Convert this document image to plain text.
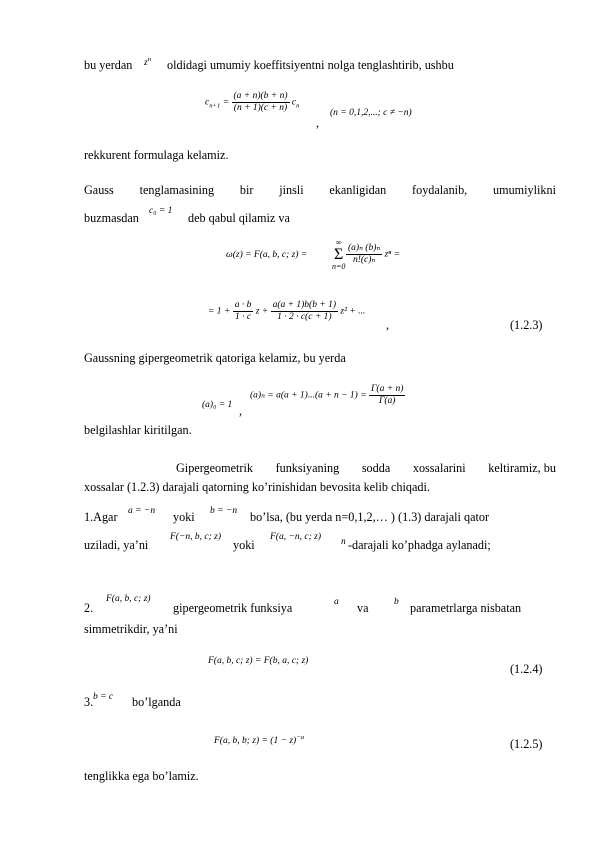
bu yerdan $z^n$ oldidagi umumiy koeffitsiyentni nolga tenglashtirib, ushbu
$c_{n+1} = \frac{(a + n)(b + n)}{(n + 1)(c + n)} c_n$
,
(n = 0,1,2,...; c ≠ −n)
rekkurent formulaga kelamiz.
Gauss tenglamasining bir jinsli ekanligidan foydalanib, umumiylikni
buzmasdan c₀ = 1 deb qabul qilamiz va
ω(z) = F(a, b, c; z) =
∞
Σ
n=0
$\frac{\text{(a)ₙ (b)ₙ}}{\text{n!(c)ₙ}}$ zⁿ =
= $1 + \frac{a \cdot b}{1 \cdot c}$ $z + \frac{a(a + 1)b(b + 1)}{1 \cdot 2 \cdot c(c + 1)} z^2$ + ...
,	(1.2.3)
Gaussning gipergeometrik qatoriga kelamiz, bu yerda
(a)₀ = 1 ,
$(a)_n = a(a + 1)...(a + n - 1) = \frac{\Gamma(a + n)}{\Gamma(a)}$
belgilashlar kiritilgan.
Gipergeometrik funksiyaning sodda xossalarini keltiramiz, bu
xossalar (1.2.3) darajali qatorning ko’rinishidan bevosita kelib chiqadi.
1.Agar a = −n yoki b = −n bo’lsa, (bu yerda n=0,1,2,… ) (1.3) darajali qator
uziladi, ya’ni
F(−n, b, c; z)
yoki
F(a, −n, c; z) n -darajali ko’phadga aylanadi;
2.
F(a, b, c; z)
gipergeometrik funksiya	a va	b parametrlarga nisbatan
simmetrikdir, ya’ni
F(a, b, c; z) = F(b, a, c; z)
(1.2.4)
3. b = c bo’lganda
F(a, b, b; $z) = (1 - z)^{-a}$	(1.2.5)
tenglikka ega bo’lamiz.
